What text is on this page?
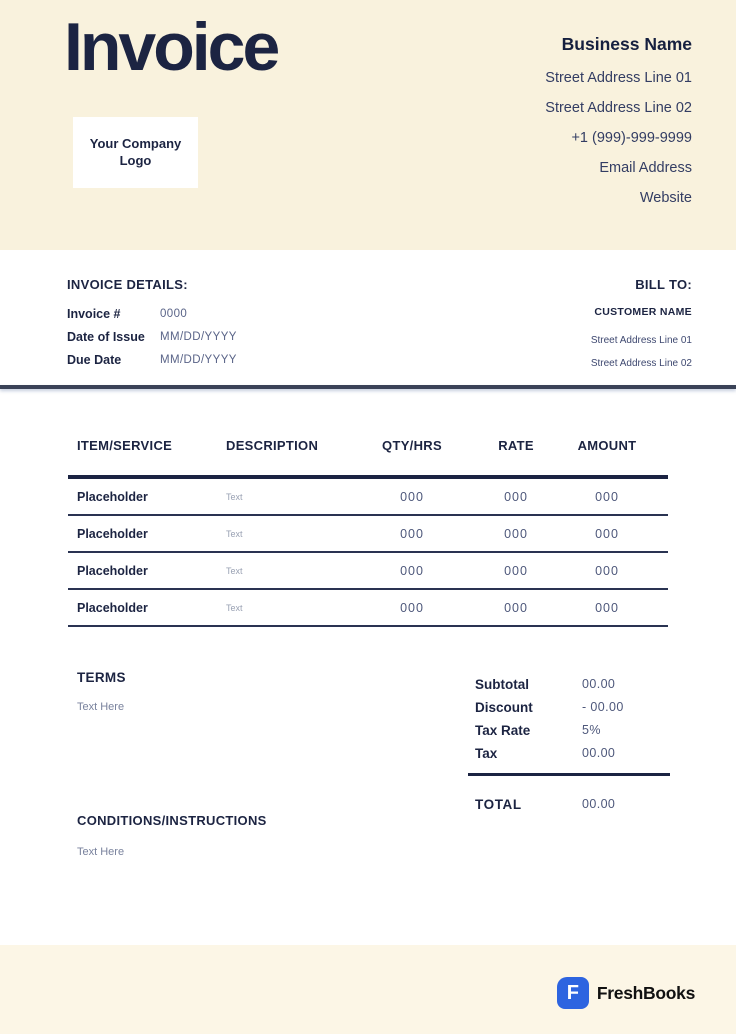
Invoice
Your Company
Logo
Business Name
Street Address Line 01
Street Address Line 02
+1 (999)-999-9999
Email Address
Website
INVOICE DETAILS:
Invoice #	0000
Date of Issue	MM/DD/YYYY
Due Date	MM/DD/YYYY
BILL TO:
CUSTOMER NAME
Street Address Line 01
Street Address Line 02
ITEM/SERVICE	DESCRIPTION	QTY/HRS	RATE	AMOUNT
Placeholder	Text	000	000	000
Placeholder	Text	000	000	000
Placeholder	Text	000	000	000
Placeholder	Text	000	000	000
TERMS
Text Here
Subtotal	00.00
Discount	- 00.00
Tax Rate	5%
Tax	00.00
TOTAL	00.00
CONDITIONS/INSTRUCTIONS
Text Here
F FreshBooks
